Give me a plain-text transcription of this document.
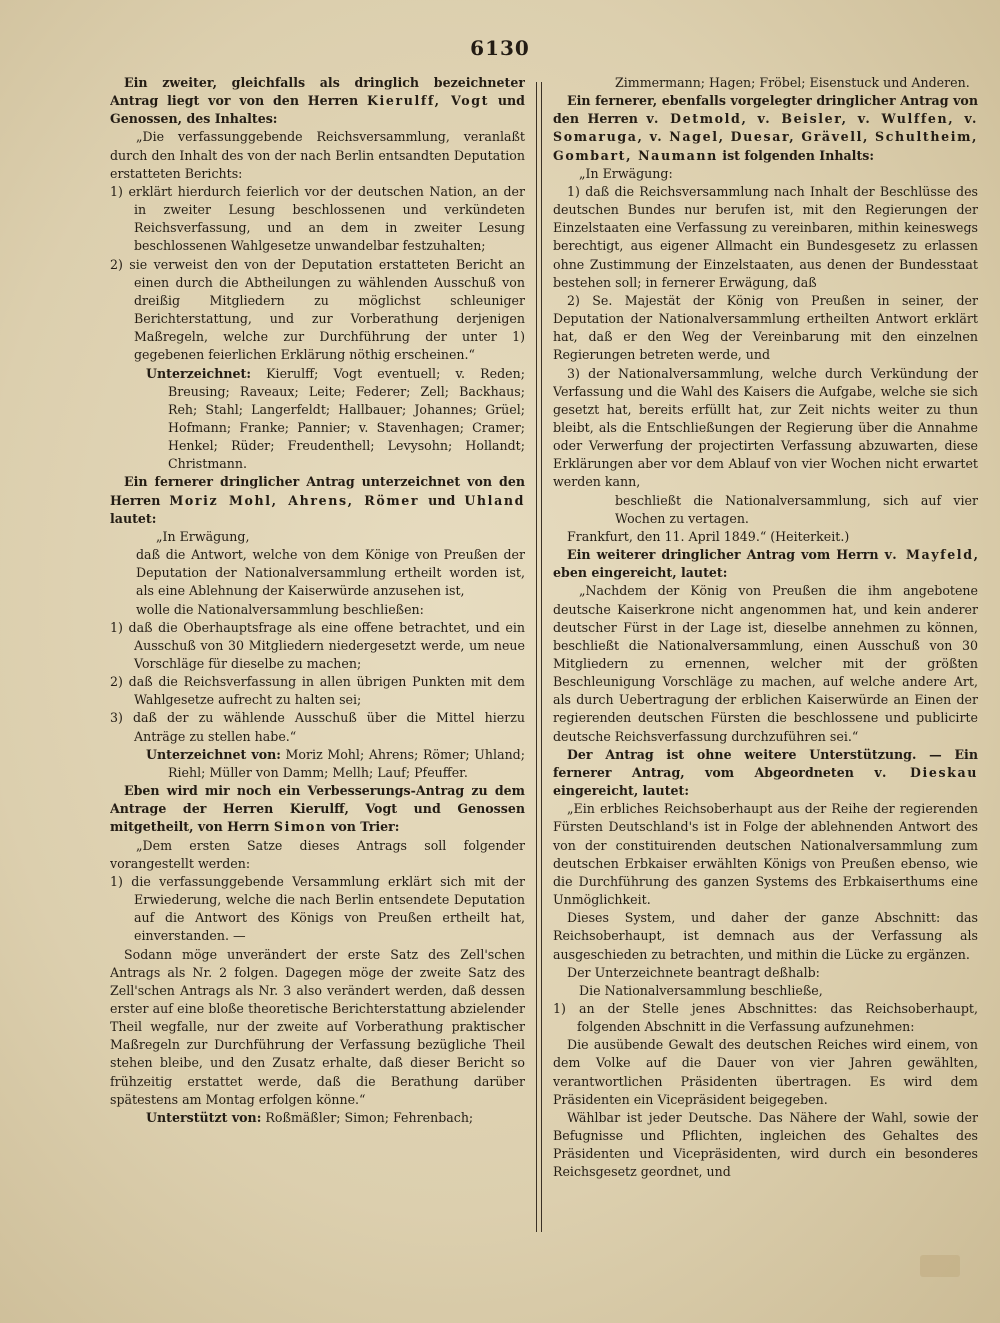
6130

Ein zweiter, gleichfalls als dringlich bezeichneter Antrag liegt vor von den Herren Kierulff, Vogt und Genossen, des Inhaltes:

„Die verfassunggebende Reichsversammlung, veranlaßt durch den Inhalt des von der nach Berlin entsandten Deputation erstatteten Berichts:

1) erklärt hierdurch feierlich vor der deutschen Nation, an der in zweiter Lesung beschlossenen und verkündeten Reichsverfassung, und an dem in zweiter Lesung beschlossenen Wahlgesetze unwandelbar festzuhalten;

2) sie verweist den von der Deputation erstatteten Bericht an einen durch die Abtheilungen zu wählenden Ausschuß von dreißig Mitgliedern zu möglichst schleuniger Berichterstattung, und zur Vorberathung derjenigen Maßregeln, welche zur Durchführung der unter 1) gegebenen feierlichen Erklärung nöthig erscheinen.“

Unterzeichnet: Kierulff; Vogt eventuell; v. Reden; Breusing; Raveaux; Leite; Federer; Zell; Backhaus; Reh; Stahl; Langerfeldt; Hallbauer; Johannes; Grüel; Hofmann; Franke; Pannier; v. Stavenhagen; Cramer; Henkel; Rüder; Freudenthell; Levysohn; Hollandt; Christmann.

Ein fernerer dringlicher Antrag unterzeichnet von den Herren Moriz Mohl, Ahrens, Römer und Uhland lautet:

„In Erwägung,

daß die Antwort, welche von dem Könige von Preußen der Deputation der Nationalversammlung ertheilt worden ist, als eine Ablehnung der Kaiserwürde anzusehen ist,

wolle die Nationalversammlung beschließen:

1) daß die Oberhauptsfrage als eine offene betrachtet, und ein Ausschuß von 30 Mitgliedern niedergesetzt werde, um neue Vorschläge für dieselbe zu machen;

2) daß die Reichsverfassung in allen übrigen Punkten mit dem Wahlgesetze aufrecht zu halten sei;

3) daß der zu wählende Ausschuß über die Mittel hierzu Anträge zu stellen habe.“

Unterzeichnet von: Moriz Mohl; Ahrens; Römer; Uhland; Riehl; Müller von Damm; Mellh; Lauf; Pfeuffer.

Eben wird mir noch ein Verbesserungs-Antrag zu dem Antrage der Herren Kierulff, Vogt und Genossen mitgetheilt, von Herrn Simon von Trier:

„Dem ersten Satze dieses Antrags soll folgender vorangestellt werden:

1) die verfassunggebende Versammlung erklärt sich mit der Erwiederung, welche die nach Berlin entsendete Deputation auf die Antwort des Königs von Preußen ertheilt hat, einverstanden. —

Sodann möge unverändert der erste Satz des Zell'schen Antrags als Nr. 2 folgen. Dagegen möge der zweite Satz des Zell'schen Antrags als Nr. 3 also verändert werden, daß dessen erster auf eine bloße theoretische Berichterstattung abzielender Theil wegfalle, nur der zweite auf Vorberathung praktischer Maßregeln zur Durchführung der Verfassung bezügliche Theil stehen bleibe, und den Zusatz erhalte, daß dieser Bericht so frühzeitig erstattet werde, daß die Berathung darüber spätestens am Montag erfolgen könne.“

Unterstützt von: Roßmäßler; Simon; Fehrenbach;

Zimmermann; Hagen; Fröbel; Eisenstuck und Anderen.

Ein fernerer, ebenfalls vorgelegter dringlicher Antrag von den Herren v. Detmold, v. Beisler, v. Wulffen, v. Somaruga, v. Nagel, Duesar, Grävell, Schultheim, Gombart, Naumann ist folgenden Inhalts:

„In Erwägung:

1) daß die Reichsversammlung nach Inhalt der Beschlüsse des deutschen Bundes nur berufen ist, mit den Regierungen der Einzelstaaten eine Verfassung zu vereinbaren, mithin keineswegs berechtigt, aus eigener Allmacht ein Bundesgesetz zu erlassen ohne Zustimmung der Einzelstaaten, aus denen der Bundesstaat bestehen soll; in fernerer Erwägung, daß

2) Se. Majestät der König von Preußen in seiner, der Deputation der Nationalversammlung ertheilten Antwort erklärt hat, daß er den Weg der Vereinbarung mit den einzelnen Regierungen betreten werde, und

3) der Nationalversammlung, welche durch Verkündung der Verfassung und die Wahl des Kaisers die Aufgabe, welche sie sich gesetzt hat, bereits erfüllt hat, zur Zeit nichts weiter zu thun bleibt, als die Entschließungen der Regierung über die Annahme oder Verwerfung der projectirten Verfassung abzuwarten, diese Erklärungen aber vor dem Ablauf von vier Wochen nicht erwartet werden kann,

beschließt die Nationalversammlung, sich auf vier Wochen zu vertagen.

Frankfurt, den 11. April 1849.“ (Heiterkeit.)

Ein weiterer dringlicher Antrag vom Herrn v. Mayfeld, eben eingereicht, lautet:

„Nachdem der König von Preußen die ihm angebotene deutsche Kaiserkrone nicht angenommen hat, und kein anderer deutscher Fürst in der Lage ist, dieselbe annehmen zu können, beschließt die Nationalversammlung, einen Ausschuß von 30 Mitgliedern zu ernennen, welcher mit der größten Beschleunigung Vorschläge zu machen, auf welche andere Art, als durch Uebertragung der erblichen Kaiserwürde an Einen der regierenden deutschen Fürsten die beschlossene und publicirte deutsche Reichsverfassung durchzuführen sei.“

Der Antrag ist ohne weitere Unterstützung. — Ein fernerer Antrag, vom Abgeordneten v. Dieskau eingereicht, lautet:

„Ein erbliches Reichsoberhaupt aus der Reihe der regierenden Fürsten Deutschland's ist in Folge der ablehnenden Antwort des von der constituirenden deutschen Nationalversammlung zum deutschen Erbkaiser erwählten Königs von Preußen ebenso, wie die Durchführung des ganzen Systems des Erbkaiserthums eine Unmöglichkeit.

Dieses System, und daher der ganze Abschnitt: das Reichsoberhaupt, ist demnach aus der Verfassung als ausgeschieden zu betrachten, und mithin die Lücke zu ergänzen.

Der Unterzeichnete beantragt deßhalb:

Die Nationalversammlung beschließe,

1) an der Stelle jenes Abschnittes: das Reichsoberhaupt, folgenden Abschnitt in die Verfassung aufzunehmen:

Die ausübende Gewalt des deutschen Reiches wird einem, von dem Volke auf die Dauer von vier Jahren gewählten, verantwortlichen Präsidenten übertragen. Es wird dem Präsidenten ein Vicepräsident beigegeben.

Wählbar ist jeder Deutsche. Das Nähere der Wahl, sowie der Befugnisse und Pflichten, ingleichen des Gehaltes des Präsidenten und Vicepräsidenten, wird durch ein besonderes Reichsgesetz geordnet, und
